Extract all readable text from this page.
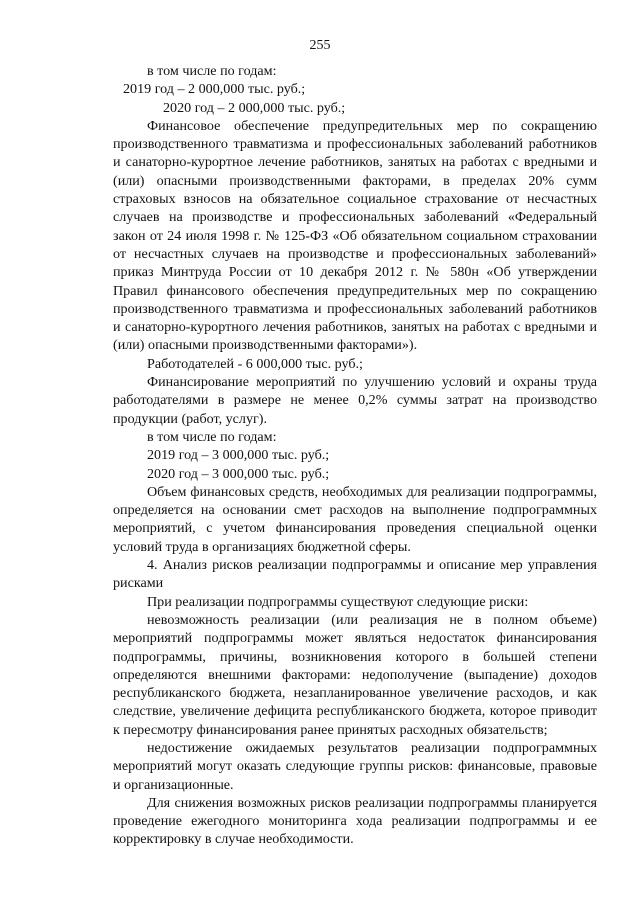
255

в том числе по годам:

2019 год – 2 000,000 тыс. руб.;

2020 год – 2 000,000 тыс. руб.;

Финансовое обеспечение предупредительных мер по сокращению производственного травматизма и профессиональных заболеваний работников и санаторно-курортное лечение работников, занятых на работах с вредными и (или) опасными производственными факторами, в пределах 20% сумм страховых взносов на обязательное социальное страхование от несчастных случаев на производстве и профессиональных заболеваний «Федеральный закон от 24 июля 1998 г. № 125-ФЗ «Об обязательном социальном страховании от несчастных случаев на производстве и профессиональных заболеваний» приказ Минтруда России от 10 декабря 2012 г. № 580н «Об утверждении Правил финансового обеспечения предупредительных мер по сокращению производственного травматизма и профессиональных заболеваний работников и санаторно-курортного лечения работников, занятых на работах с вредными и (или) опасными производственными факторами»).

Работодателей - 6 000,000 тыс. руб.;

Финансирование мероприятий по улучшению условий и охраны труда работодателями в размере не менее 0,2% суммы затрат на производство продукции (работ, услуг).

в том числе по годам:

2019 год – 3 000,000 тыс. руб.;

2020 год – 3 000,000 тыс. руб.;

Объем финансовых средств, необходимых для реализации подпрограммы, определяется на основании смет расходов на выполнение подпрограммных мероприятий, с учетом финансирования проведения специальной оценки условий труда в организациях бюджетной сферы.

4. Анализ рисков реализации подпрограммы и описание мер управления рисками

При реализации подпрограммы существуют следующие риски:

невозможность реализации (или реализация не в полном объеме) мероприятий подпрограммы может являться недостаток финансирования подпрограммы, причины, возникновения которого в большей степени определяются внешними факторами: недополучение (выпадение) доходов республиканского бюджета, незапланированное увеличение расходов, и как следствие, увеличение дефицита республиканского бюджета, которое приводит к пересмотру финансирования ранее принятых расходных обязательств;

недостижение ожидаемых результатов реализации подпрограммных мероприятий могут оказать следующие группы рисков: финансовые, правовые и организационные.

Для снижения возможных рисков реализации подпрограммы планируется проведение ежегодного мониторинга хода реализации подпрограммы и ее корректировку в случае необходимости.
